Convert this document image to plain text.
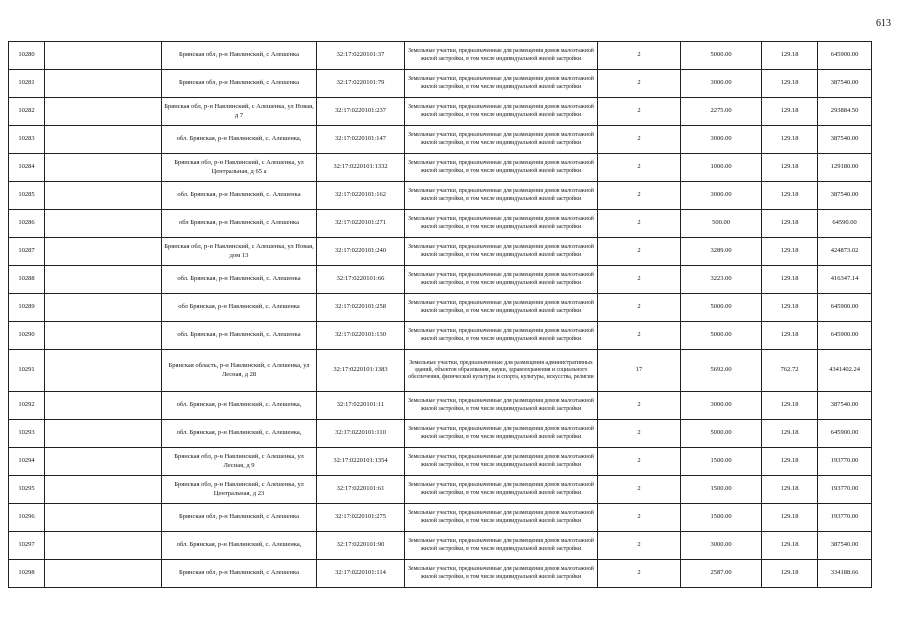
613
10280		Брянская обл, р-н Навлинский, с Алешенка	32:17:0220101:37	Земельные участки, предназначенные для размещения домов малоэтажной жилой застройки, в том числе индивидуальной жилой застройки	2	5000.00	129.18	645900.00
10281		Брянская обл, р-н Навлинский, с Алешенка	32:17:0220101:79	Земельные участки, предназначенные для размещения домов малоэтажной жилой застройки, в том числе индивидуальной жилой застройки	2	3000.00	129.18	387540.00
10282		Брянская обл, р-н Навлинский, с Алешенка, ул Новая, д 7	32:17:0220101:237	Земельные участки, предназначенные для размещения домов малоэтажной жилой застройки, в том числе индивидуальной жилой застройки	2	2275.00	129.18	293884.50
10283		обл. Брянская, р-н Навлинский, с. Алешенка,	32:17:0220101:147	Земельные участки, предназначенные для размещения домов малоэтажной жилой застройки, в том числе индивидуальной жилой застройки	2	3000.00	129.18	387540.00
10284		Брянская обл, р-н Навлинский, с Алешенка, ул Центральная, д 65 а	32:17:0220101:1332	Земельные участки, предназначенные для размещения домов малоэтажной жилой застройки, в том числе индивидуальной жилой застройки	2	1000.00	129.18	129180.00
10285		обл. Брянская, р-н Навлинский, с. Алешенка	32:17:0220101:162	Земельные участки, предназначенные для размещения домов малоэтажной жилой застройки, в том числе индивидуальной жилой застройки	2	3000.00	129.18	387540.00
10286		обл Брянская, р-н Навлинский, с Алешенка	32:17:0220101:271	Земельные участки, предназначенные для размещения домов малоэтажной жилой застройки, в том числе индивидуальной жилой застройки	2	500.00	129.18	64590.00
10287		Брянская обл, р-н Навлинский, с Алешенка, ул Новая, дом 13	32:17:0220101:240	Земельные участки, предназначенные для размещения домов малоэтажной жилой застройки, в том числе индивидуальной жилой застройки	2	3289.00	129.18	424873.02
10288		обл. Брянская, р-н Навлинский, с. Алешенка	32:17:0220101:66	Земельные участки, предназначенные для размещения домов малоэтажной жилой застройки, в том числе индивидуальной жилой застройки	2	3223.00	129.18	416347.14
10289		обл Брянская, р-н Навлинский, с. Алешенка	32:17:0220101:258	Земельные участки, предназначенные для размещения домов малоэтажной жилой застройки, в том числе индивидуальной жилой застройки	2	5000.00	129.18	645900.00
10290		обл. Брянская, р-н Навлинский, с. Алешенка	32:17:0220101:130	Земельные участки, предназначенные для размещения домов малоэтажной жилой застройки, в том числе индивидуальной жилой застройки	2	5000.00	129.18	645900.00
10291		Брянская область, р-н Навлинский, с Алешенка, ул Лесная, д 28	32:17:0220101:1383	Земельные участки, предназначенные для размещения административных зданий, объектов образования, науки, здравоохранения и социального обеспечения, физической культуры и спорта, культуры, искусства, религии	17	5692.00	762.72	4341402.24
10292		обл. Брянская, р-н Навлинский, с. Алешенка,	32:17:0220101:11	Земельные участки, предназначенные для размещения домов малоэтажной жилой застройки, в том числе индивидуальной жилой застройки	2	3000.00	129.18	387540.00
10293		обл. Брянская, р-н Навлинский, с. Алешенка,	32:17:0220101:110	Земельные участки, предназначенные для размещения домов малоэтажной жилой застройки, в том числе индивидуальной жилой застройки	2	5000.00	129.18	645900.00
10294		Брянская обл, р-н Навлинский, с Алешенка, ул Лесная, д 9	32:17:0220101:1354	Земельные участки, предназначенные для размещения домов малоэтажной жилой застройки, в том числе индивидуальной жилой застройки	2	1500.00	129.18	193770.00
10295		Брянская обл, р-н Навлинский, с Алешенка, ул Центральная, д 23	32:17:0220101:61	Земельные участки, предназначенные для размещения домов малоэтажной жилой застройки, в том числе индивидуальной жилой застройки	2	1500.00	129.18	193770.00
10296		Брянская обл, р-н Навлинский, с Алешенка	32:17:0220101:275	Земельные участки, предназначенные для размещения домов малоэтажной жилой застройки, в том числе индивидуальной жилой застройки	2	1500.00	129.18	193770.00
10297		обл. Брянская, р-н Навлинский, с. Алешенка,	32:17:0220101:90	Земельные участки, предназначенные для размещения домов малоэтажной жилой застройки, в том числе индивидуальной жилой застройки	2	3000.00	129.18	387540.00
10298		Брянская обл, р-н Навлинский, с Алешенка	32:17:0220101:114	Земельные участки, предназначенные для размещения домов малоэтажной жилой застройки, в том числе индивидуальной жилой застройки	2	2587.00	129.18	334188.66
